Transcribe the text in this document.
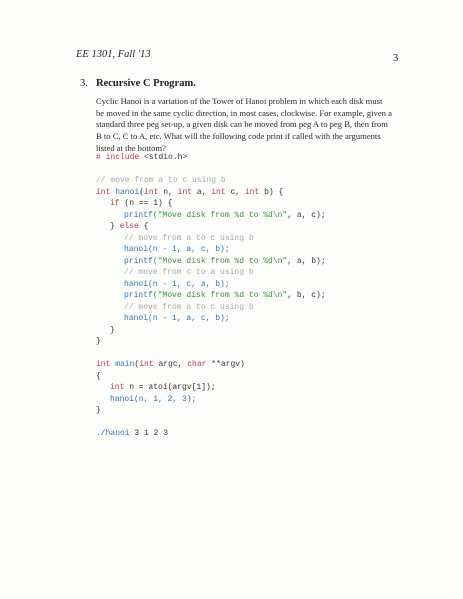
EE 1301, Fall '13	3
3. Recursive C Program.
Cyclic Hanoi is a variation of the Tower of Hanoi problem in which each disk must
be moved in the same cyclic direction, in most cases, clockwise. For example, given a
standard three peg set-up, a given disk can be moved from peg A to peg B, then from
B to C, C to A, etc. What will the following code print if called with the arguments
listed at the bottom?
# include <stdio.h>
// move from a to c using b
int hanoi(int n, int a, int c, int b) {
if (n == 1) {
printf("Move disk from %d to %d\n", a, c);
} else {
// move from a to c using b
hanoi(n - 1, a, c, b);
printf("Move disk from %d to %d\n", a, b);
// move from c to a using b
hanoi(n - 1, c, a, b);
printf("Move disk from %d to %d\n", b, c);
// move from a to c using b
hanoi(n - 1, a, c, b);
}
}
int main(int argc, char **argv)
{
int n = atoi(argv[1]);
hanoi(n, 1, 2, 3);
}
./hanoi 3 1 2 3
